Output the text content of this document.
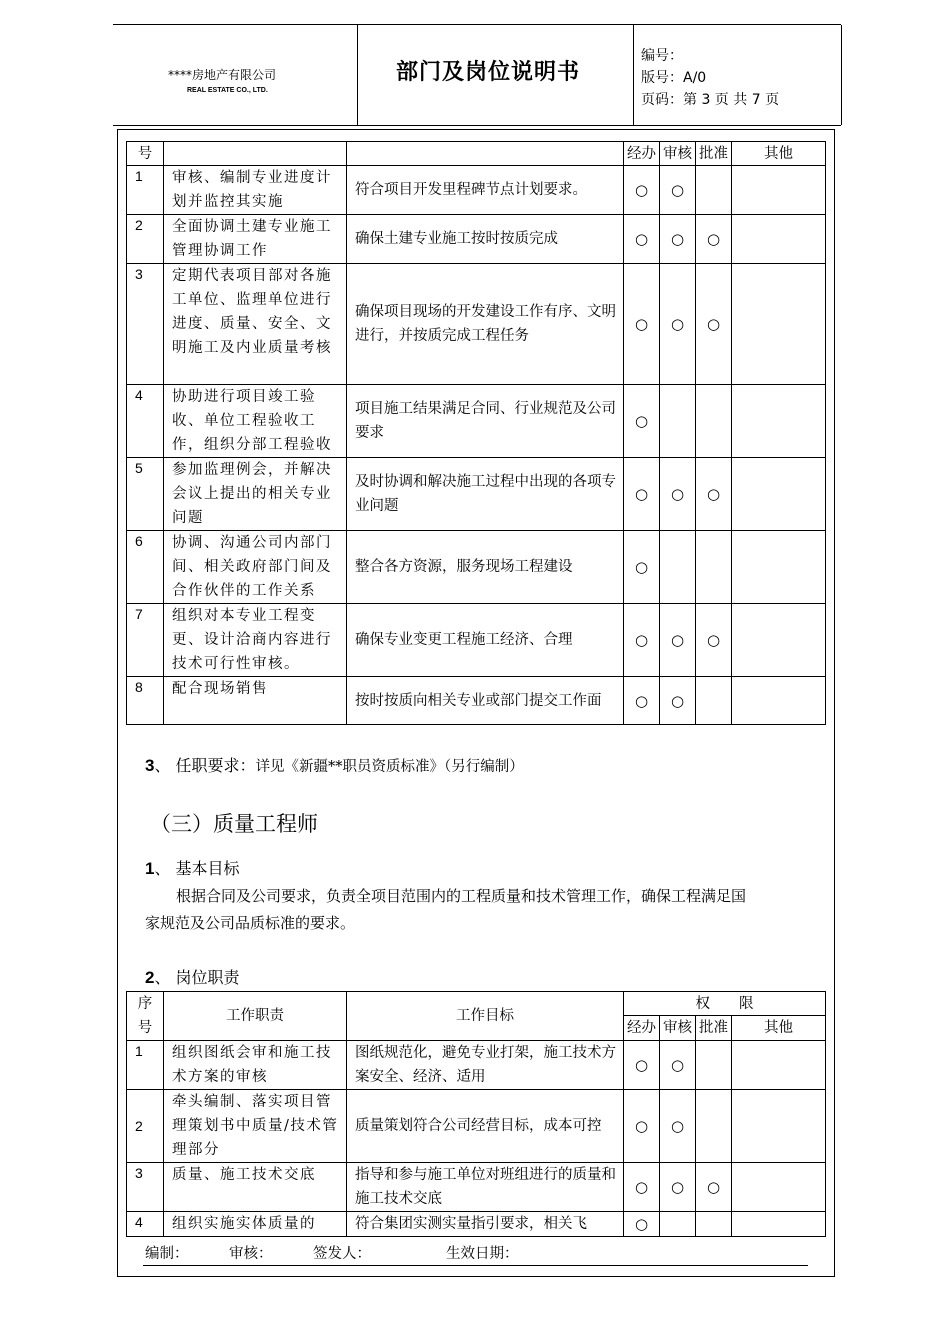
****房地产有限公司
REAL ESTATE CO., LTD.
部门及岗位说明书
编号：
版号：A/0
页码：第 3 页 共 7 页
号			经办	审核	批准	其他
1	审核、编制专业进度计划并监控其实施	符合项目开发里程碑节点计划要求。	○	○		
2	全面协调土建专业施工管理协调工作	确保土建专业施工按时按质完成	○	○	○	
3	定期代表项目部对各施工单位、监理单位进行进度、质量、安全、文明施工及内业质量考核	确保项目现场的开发建设工作有序、文明进行，并按质完成工程任务	○	○	○	
4	协助进行项目竣工验收、单位工程验收工作，组织分部工程验收	项目施工结果满足合同、行业规范及公司要求	○			
5	参加监理例会，并解决会议上提出的相关专业问题	及时协调和解决施工过程中出现的各项专业问题	○	○	○	
6	协调、沟通公司内部门间、相关政府部门间及合作伙伴的工作关系	整合各方资源，服务现场工程建设	○			
7	组织对本专业工程变更、设计洽商内容进行技术可行性审核。	确保专业变更工程施工经济、合理	○	○	○	
8	配合现场销售	按时按质向相关专业或部门提交工作面	○	○		
3、 任职要求：详见《新疆**职员资质标准》（另行编制）
（三）质量工程师
1、 基本目标
根据合同及公司要求，负责全项目范围内的工程质量和技术管理工作，确保工程满足国
家规范及公司品质标准的要求。
2、 岗位职责
序
号	工作职责	工作目标	权　　限			
			经办	审核	批准	其他
1	组织图纸会审和施工技术方案的审核	图纸规范化，避免专业打架，施工技术方案安全、经济、适用	○	○		
2	牵头编制、落实项目管理策划书中质量/技术管理部分	质量策划符合公司经营目标，成本可控	○	○		
3	质量、施工技术交底	指导和参与施工单位对班组进行的质量和施工技术交底	○	○	○	
4	组织实施实体质量的	符合集团实测实量指引要求，相关飞	○			
编制：	审核：	签发人：	生效日期：
